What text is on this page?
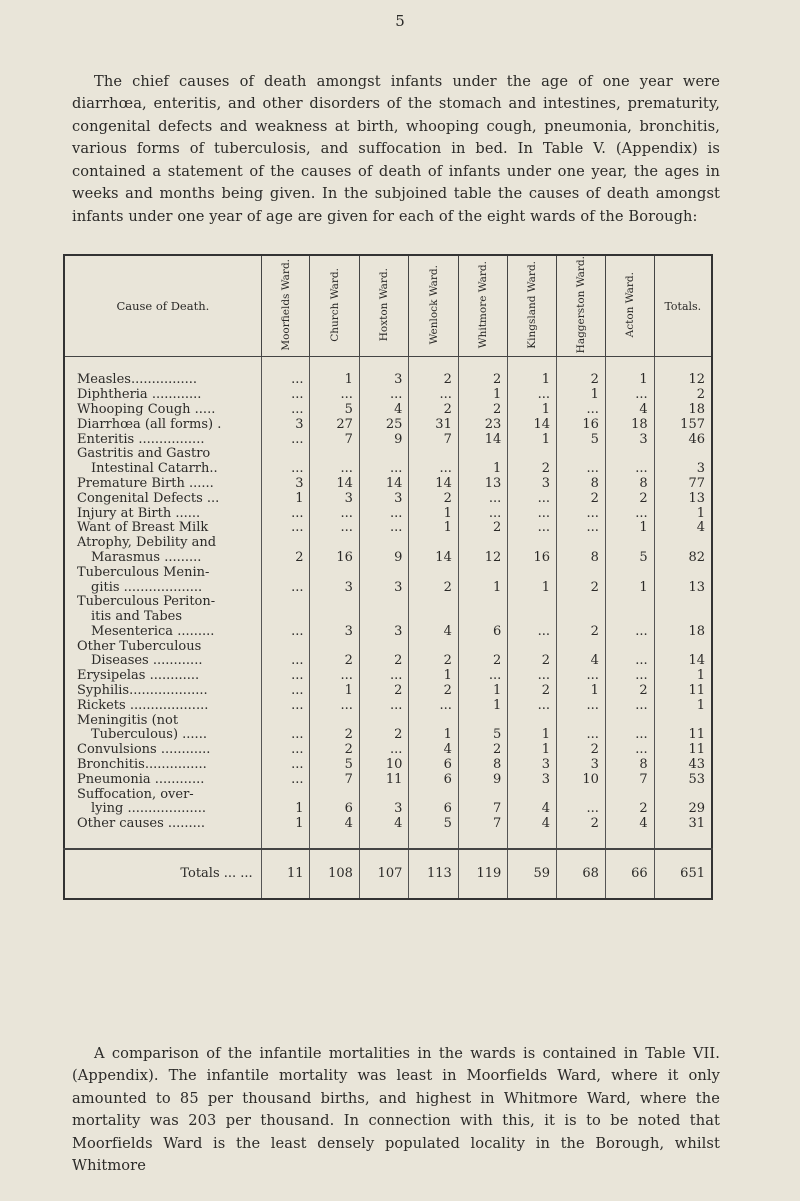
5

The chief causes of death amongst infants under the age of one year were diarrhœa, enteritis, and other disorders of the stomach and intestines, prematurity, congenital defects and weakness at birth, whooping cough, pneumonia, bronchitis, various forms of tuberculosis, and suffocation in bed. In Table V. (Appendix) is contained a statement of the causes of death of infants under one year, the ages in weeks and months being given. In the subjoined table the causes of death amongst infants under one year of age are given for each of the eight wards of the Borough:

Cause of Death.	Moorfields Ward.	Church Ward.	Hoxton Ward.	Wenlock Ward.	Whitmore Ward.	Kingsland Ward.	Haggerston Ward.	Acton Ward.	Totals.

Measles................	...	1	3	2	2	1	2	1	12

Diphtheria ............	...	...	...	...	1	...	1	...	2

Whooping Cough .....	...	5	4	2	2	1	...	4	18

Diarrhœa (all forms) .	3	27	25	31	23	14	16	18	157

Enteritis ................	...	7	9	7	14	1	5	3	46

Gastritis and Gastro
Intestinal Catarrh..	...	...	...	...	1	2	...	...	3

Premature Birth ......	3	14	14	14	13	3	8	8	77

Congenital Defects ...	1	3	3	2	...	...	2	2	13

Injury at Birth ......	...	...	...	1	...	...	...	...	1

Want of Breast Milk	...	...	...	1	2	...	...	1	4

Atrophy, Debility and
Marasmus .........	2	16	9	14	12	16	8	5	82

Tuberculous Menin-
gitis ...................	...	3	3	2	1	1	2	1	13

Tuberculous Periton-
itis and Tabes
Mesenterica .........	...	3	3	4	6	...	2	...	18

Other Tuberculous
Diseases ............	...	2	2	2	2	2	4	...	14

Erysipelas ............	...	...	...	1	...	...	...	...	1

Syphilis...................	...	1	2	2	1	2	1	2	11

Rickets ...................	...	...	...	...	1	...	...	...	1

Meningitis (not
Tuberculous) ......	...	2	2	1	5	1	...	...	11

Convulsions ............	...	2	...	4	2	1	2	...	11

Bronchitis...............	...	5	10	6	8	3	3	8	43

Pneumonia ............	...	7	11	6	9	3	10	7	53

Suffocation, over-
lying ...................	1	6	3	6	7	4	...	2	29

Other causes .........	1	4	4	5	7	4	2	4	31
Totals ... ...	11	108	107	113	119	59	68	66	651

A comparison of the infantile mortalities in the wards is contained in Table VII. (Appendix). The infantile mortality was least in Moorfields Ward, where it only amounted to 85 per thousand births, and highest in Whitmore Ward, where the mortality was 203 per thousand. In connection with this, it is to be noted that Moorfields Ward is the least densely populated locality in the Borough, whilst Whitmore
